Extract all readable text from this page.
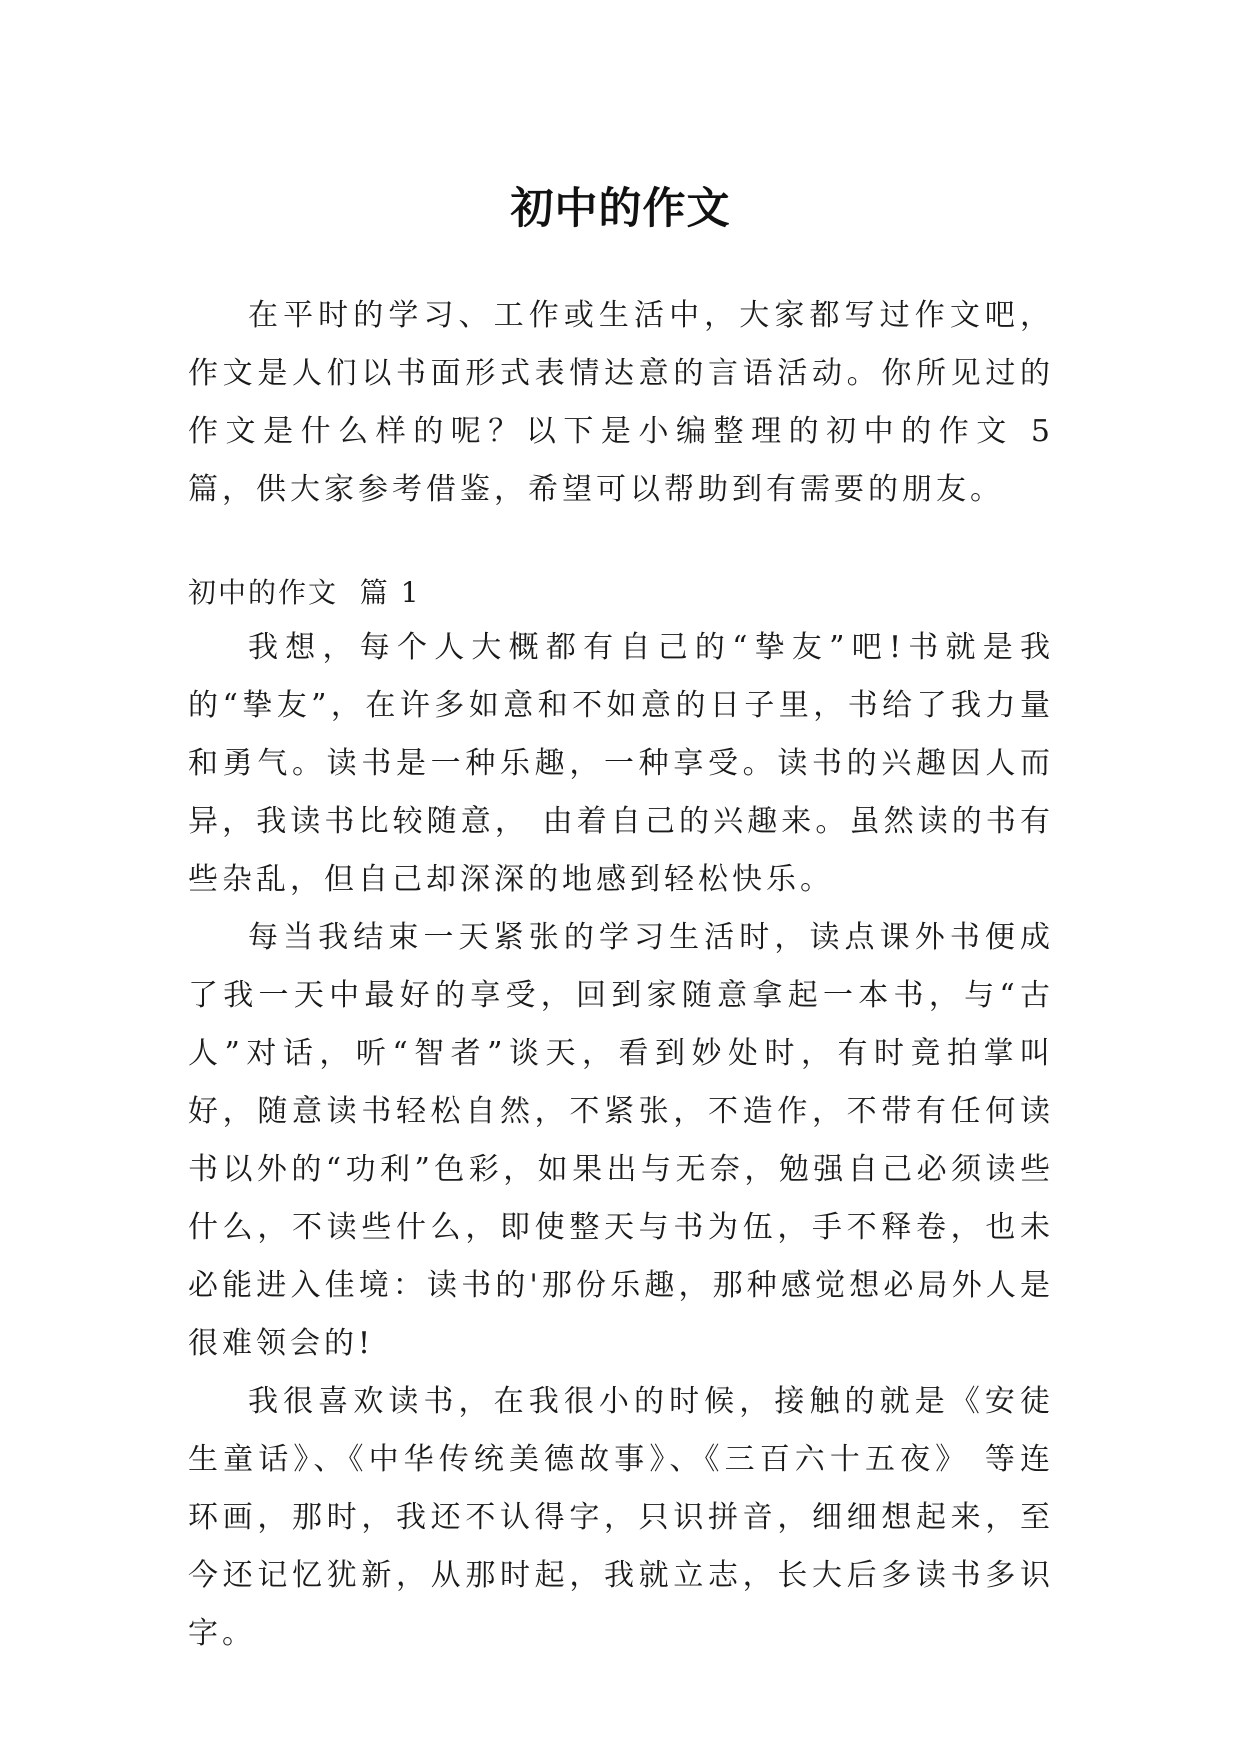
初中的作文

在平时的学习、工作或生活中，大家都写过作文吧，作文是人们以书面形式表情达意的言语活动。你所见过的作文是什么样的呢？以下是小编整理的初中的作文 5 篇，供大家参考借鉴，希望可以帮助到有需要的朋友。

初中的作文  篇 1

我想，每个人大概都有自己的“挚友”吧!书就是我的“挚友”，在许多如意和不如意的日子里，书给了我力量和勇气。读书是一种乐趣，一种享受。读书的兴趣因人而异，我读书比较随意， 由着自己的兴趣来。虽然读的书有些杂乱，但自己却深深的地感到轻松快乐。

每当我结束一天紧张的学习生活时，读点课外书便成了我一天中最好的享受，回到家随意拿起一本书，与“古人”对话，听“智者”谈天，看到妙处时，有时竟拍掌叫好，随意读书轻松自然，不紧张，不造作，不带有任何读书以外的“功利”色彩，如果出与无奈，勉强自己必须读些什么，不读些什么，即使整天与书为伍，手不释卷，也未必能进入佳境：读书的'那份乐趣，那种感觉想必局外人是很难领会的!

我很喜欢读书，在我很小的时候，接触的就是《安徒生童话》、《中华传统美德故事》、《三百六十五夜》 等连环画，那时，我还不认得字，只识拼音，细细想起来，至今还记忆犹新，从那时起，我就立志，长大后多读书多识字。
